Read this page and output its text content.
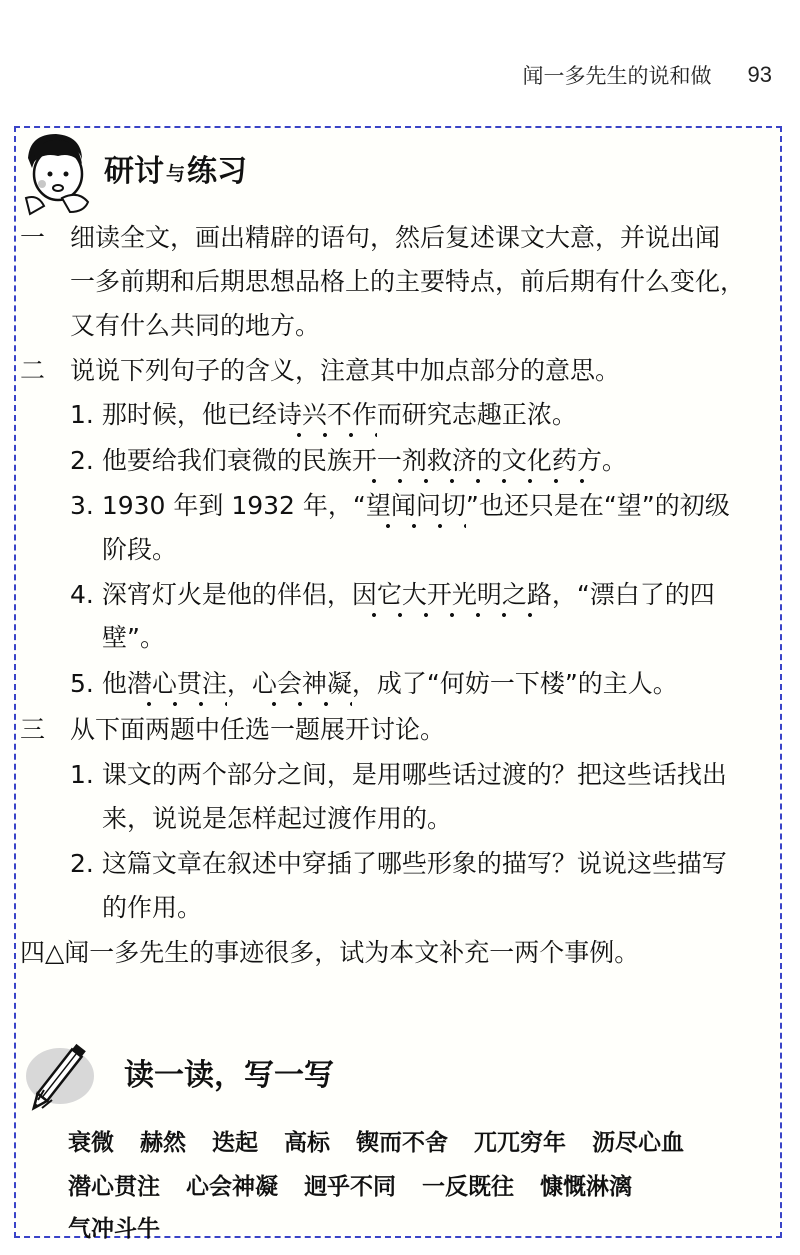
闻一多先生的说和做 93
研讨 与 练习
一 细读全文，画出精辟的语句，然后复述课文大意，并说出闻
一多前期和后期思想品格上的主要特点，前后期有什么变化，
又有什么共同的地方。
二 说说下列句子的含义，注意其中加点部分的意思。
1. 那时候，他已经诗兴不作而研究志趣正浓。
2. 他要给我们衰微的民族开一剂救济的文化药方。
3. 1930 年到 1932 年，“望闻问切”也还只是在“望”的初级
阶段。
4. 深宵灯火是他的伴侣，因它大开光明之路，“漂白了的四
壁”。
5. 他潜心贯注，心会神凝，成了“何妨一下楼”的主人。
三 从下面两题中任选一题展开讨论。
1. 课文的两个部分之间，是用哪些话过渡的？把这些话找出
来，说说是怎样起过渡作用的。
2. 这篇文章在叙述中穿插了哪些形象的描写？说说这些描写
的作用。
四△闻一多先生的事迹很多，试为本文补充一两个事例。
读一读，写一写
衰微 赫然 迭起 高标 锲而不舍 兀兀穷年 沥尽心血
潜心贯注 心会神凝 迥乎不同 一反既往 慷慨淋漓
气冲斗牛
